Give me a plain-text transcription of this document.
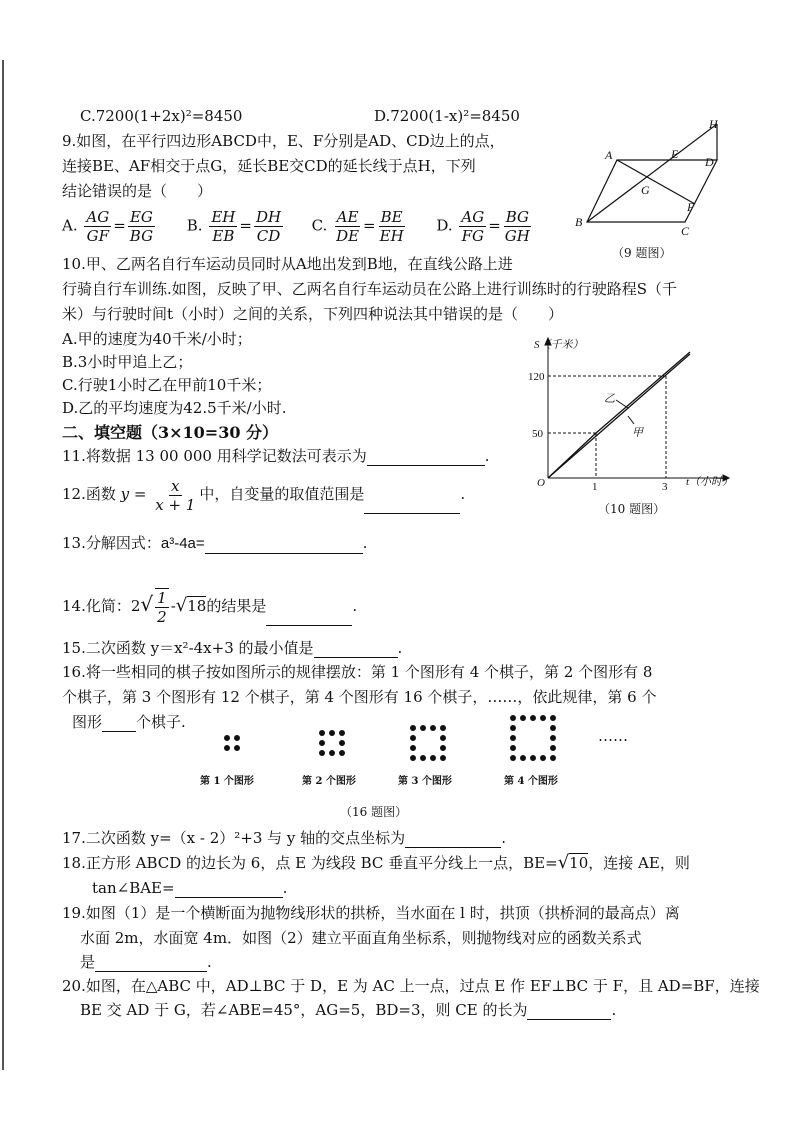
C.7200(1+2x)²=8450	D.7200(1-x)²=8450
9.如图，在平行四边形ABCD中，E、F分别是AD、CD边上的点，
连接BE、AF相交于点G，延长BE交CD的延长线于点H，下列
结论错误的是（　　）
A. $\frac{AG}{GF} = \frac{EG}{BG} B$. $\frac{EH}{EB} = \frac{DH}{CD} C$. $\frac{AE}{DE} = \frac{BE}{EH} D$. $\frac{AG}{FG} = \frac{BG}{GH}$
A
B
C
D
E
F
G
H
（9 题图）
10.甲、乙两名自行车运动员同时从A地出发到B地，在直线公路上进
行骑自行车训练.如图，反映了甲、乙两名自行车运动员在公路上进行训练时的行驶路程S（千
米）与行驶时间t（小时）之间的关系，下列四种说法其中错误的是（　　）
A.甲的速度为40千米/小时；
B.3小时甲追上乙；
C.行驶1小时乙在甲前10千米；
D.乙的平均速度为42.5千米/小时.
S（千米）
t（小时）
O	1	3
50
120
乙
甲
（10 题图）
二、填空题（3×10=30 分）
11.将数据 13 00 000 用科学记数法可表示为	.
12.函数 $y = \frac{x}{x + 1}$ 中，自变量的取值范围是	.
13.分解因式：a³-4a=	.
14.化简：$2√ \frac{1}{2} -√18$的结果是	.
15.二次函数 y＝x²-4x+3 的最小值是	.
16.将一些相同的棋子按如图所示的规律摆放：第 1 个图形有 4 个棋子，第 2 个图形有 8
个棋子，第 3 个图形有 12 个棋子，第 4 个图形有 16 个棋子，……，依此规律，第 6 个
图形 个棋子.
……
第 1 个图形	第 2 个图形	第 3 个图形	第 4 个图形
（16 题图）
17.二次函数 y=（x - 2）²+3 与 y 轴的交点坐标为	.
18.正方形 ABCD 的边长为 6，点 E 为线段 BC 垂直平分线上一点，BE=√10，连接 AE，则
tan∠BAE=	.
19.如图（1）是一个横断面为抛物线形状的拱桥，当水面在 l 时，拱顶（拱桥洞的最高点）离
水面 2m，水面宽 4m．如图（2）建立平面直角坐标系，则抛物线对应的函数关系式
是	.
20.如图，在△ABC 中，AD⊥BC 于 D，E 为 AC 上一点，过点 E 作 EF⊥BC 于 F，且 AD=BF，连接
BE 交 AD 于 G，若∠ABE=45°，AG=5，BD=3，则 CE 的长为	.
